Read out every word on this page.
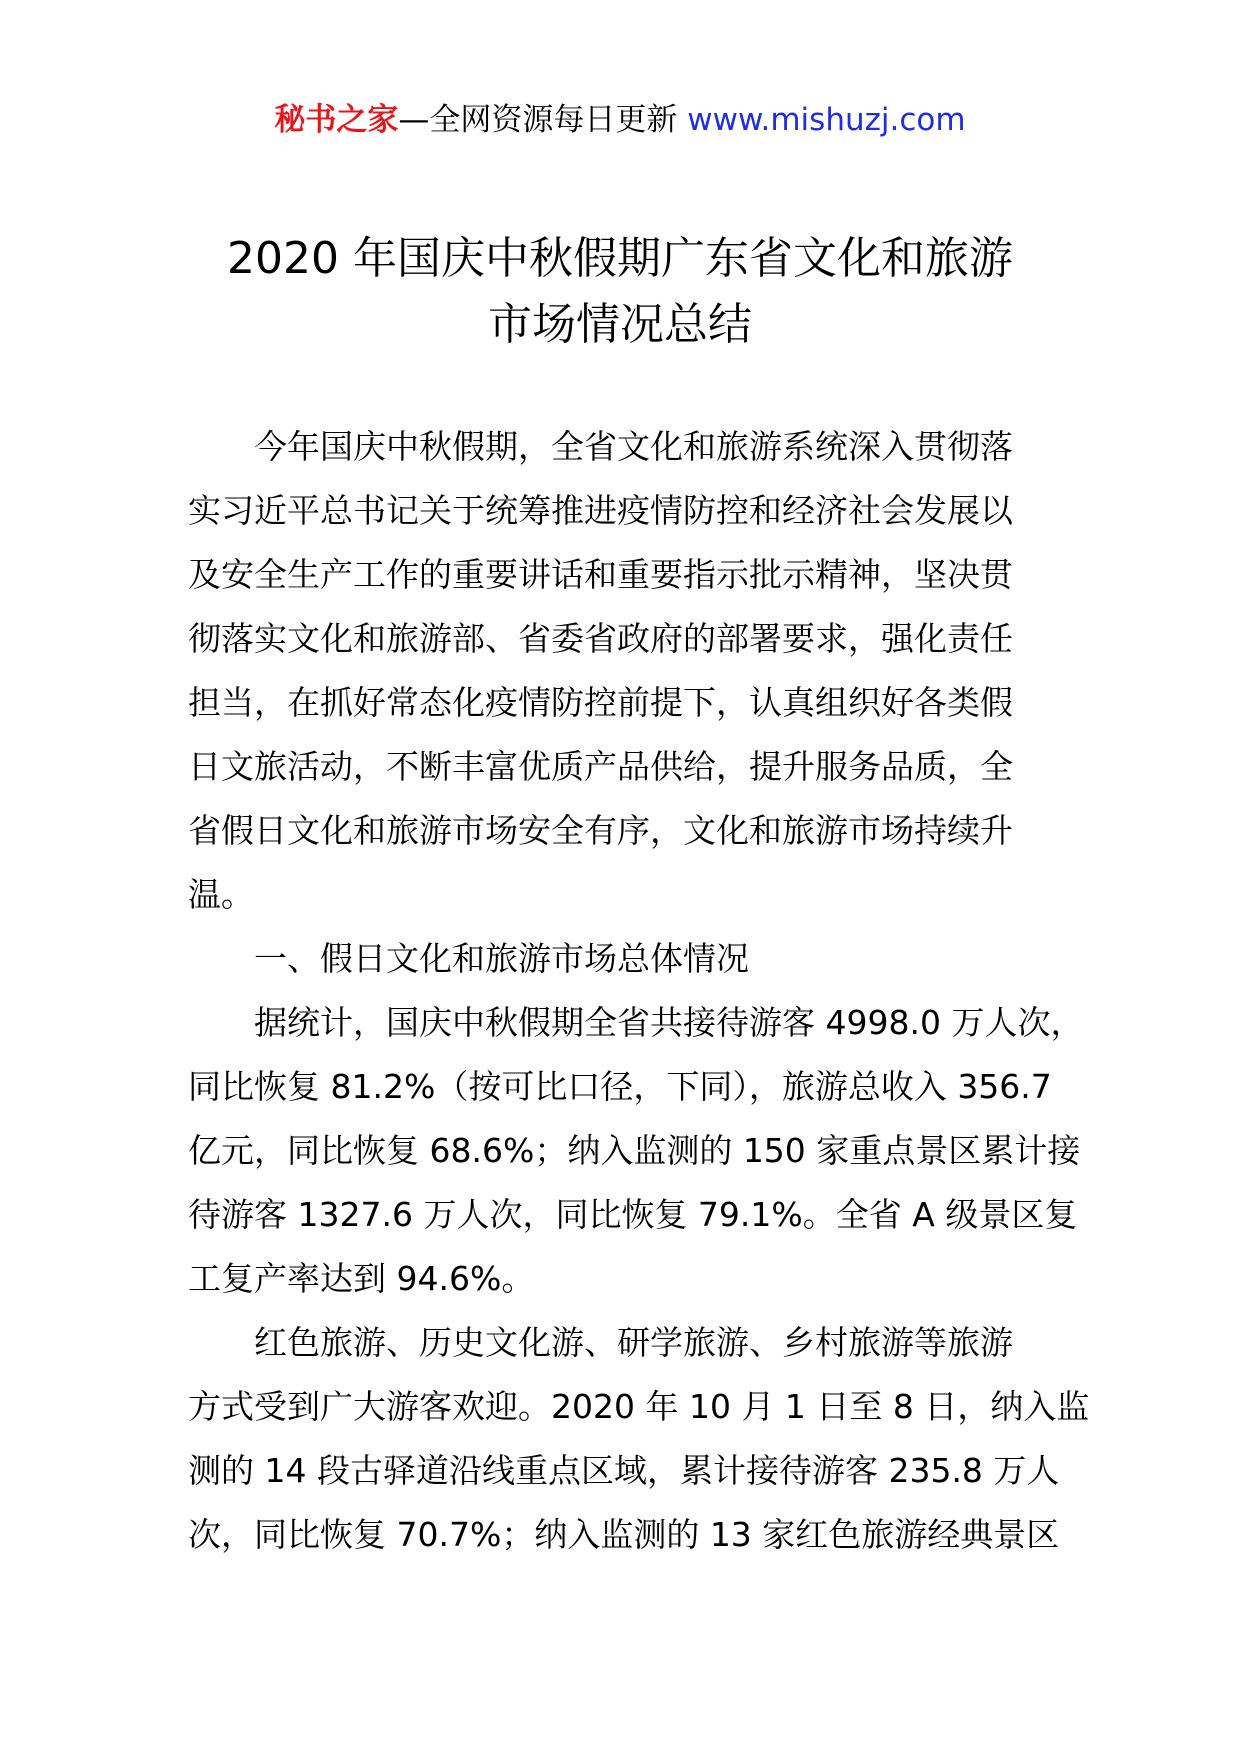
秘书之家—全网资源每日更新 www.mishuzj.com
2020 年国庆中秋假期广东省文化和旅游
市场情况总结
今年国庆中秋假期，全省文化和旅游系统深入贯彻落
实习近平总书记关于统筹推进疫情防控和经济社会发展以
及安全生产工作的重要讲话和重要指示批示精神，坚决贯
彻落实文化和旅游部、省委省政府的部署要求，强化责任
担当，在抓好常态化疫情防控前提下，认真组织好各类假
日文旅活动，不断丰富优质产品供给，提升服务品质，全
省假日文化和旅游市场安全有序，文化和旅游市场持续升
温。
一、假日文化和旅游市场总体情况
据统计，国庆中秋假期全省共接待游客 4998.0 万人次，
同比恢复 81.2%（按可比口径，下同），旅游总收入 356.7
亿元，同比恢复 68.6%；纳入监测的 150 家重点景区累计接
待游客 1327.6 万人次，同比恢复 79.1%。全省 A 级景区复
工复产率达到 94.6%。
红色旅游、历史文化游、研学旅游、乡村旅游等旅游
方式受到广大游客欢迎。2020 年 10 月 1 日至 8 日，纳入监
测的 14 段古驿道沿线重点区域，累计接待游客 235.8 万人
次，同比恢复 70.7%；纳入监测的 13 家红色旅游经典景区
